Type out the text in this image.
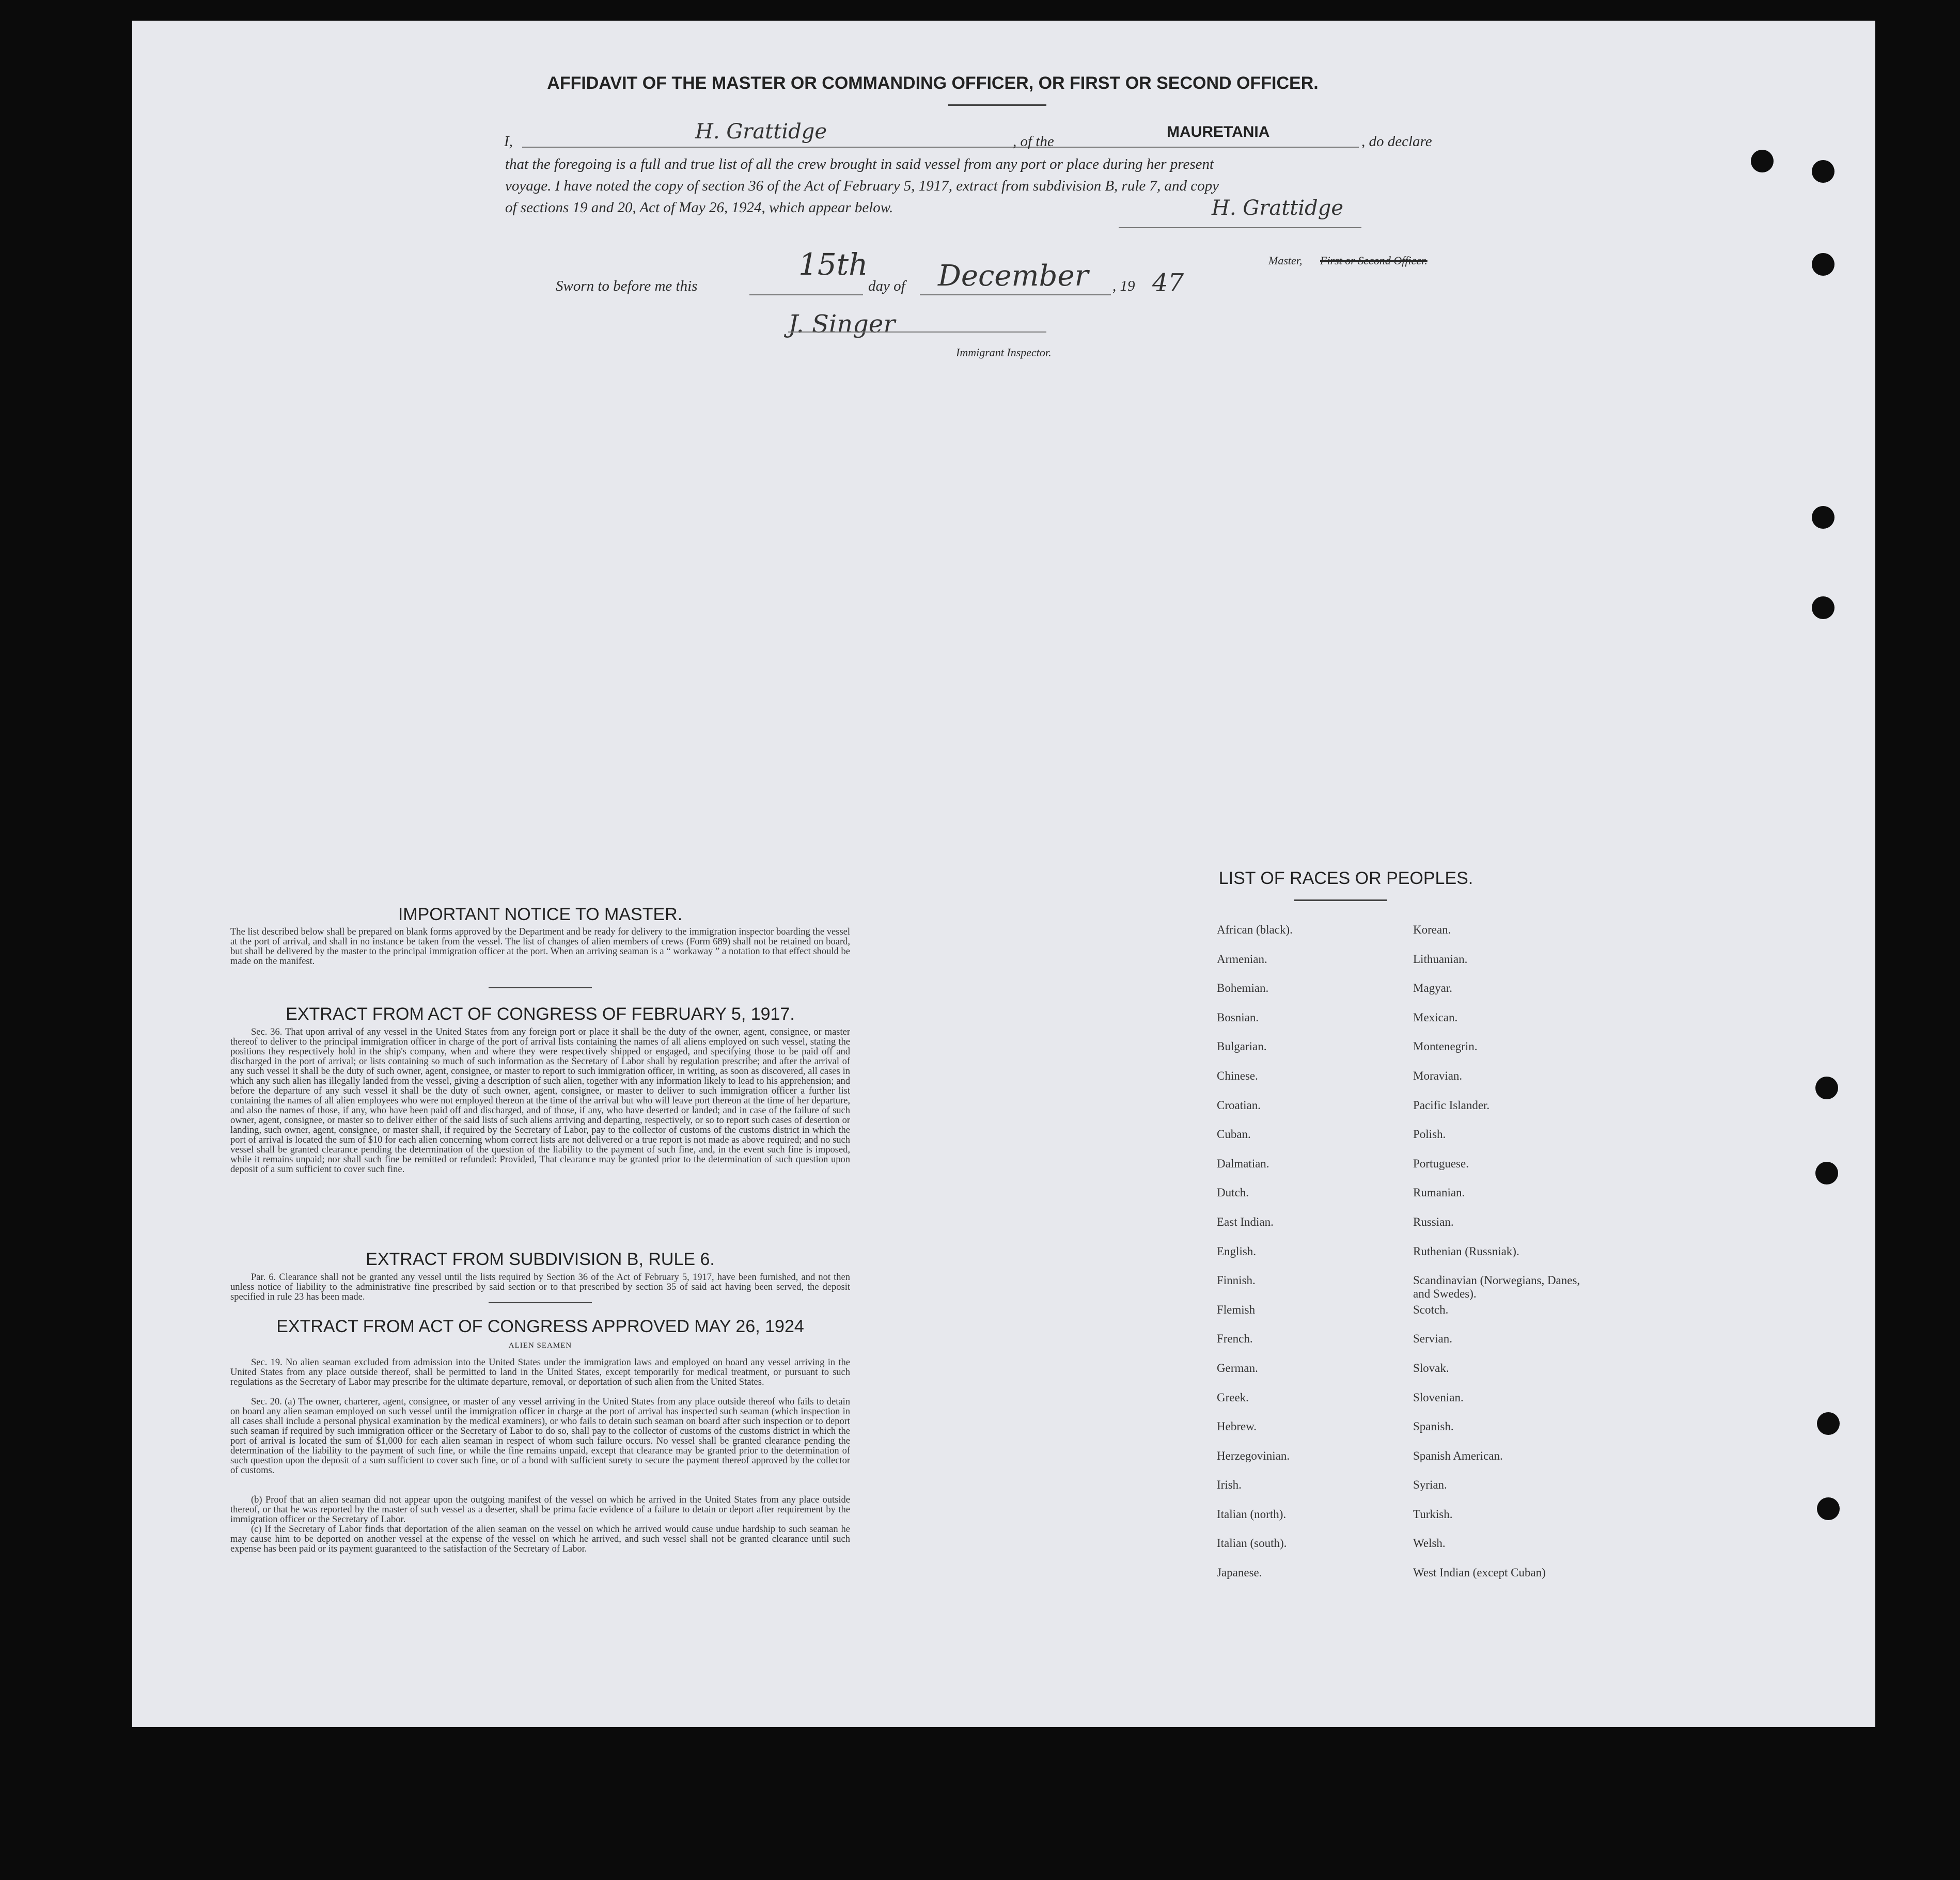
AFFIDAVIT OF THE MASTER OR COMMANDING OFFICER, OR FIRST OR SECOND OFFICER.
I,	H. Grattidge	, of the
MAURETANIA
, do declare
that the foregoing is a full and true list of all the crew brought in said vessel from any port or place during her present
voyage. I have noted the copy of section 36 of the Act of February 5, 1917, extract from subdivision B, rule 7, and copy
of sections 19 and 20, Act of May 26, 1924, which appear below.	H. Grattidge
Master, First or Second Officer.
Sworn to before me this
15th
day of December , 19 47
J. Singer
Immigrant Inspector.
IMPORTANT NOTICE TO MASTER.
The list described below shall be prepared on blank forms approved by the Department and be ready for delivery to the immigration inspector boarding the vessel at the port of arrival, and shall in no instance be taken from the vessel. The list of changes of alien members of crews (Form 689) shall not be retained on board, but shall be delivered by the master to the principal immigration officer at the port. When an arriving seaman is a “ workaway ” a notation to that effect should be made on the manifest.
EXTRACT FROM ACT OF CONGRESS OF FEBRUARY 5, 1917.
Sec. 36. That upon arrival of any vessel in the United States from any foreign port or place it shall be the duty of the owner, agent, consignee, or master thereof to deliver to the principal immigration officer in charge of the port of arrival lists containing the names of all aliens employed on such vessel, stating the positions they respectively hold in the ship's company, when and where they were respectively shipped or engaged, and specifying those to be paid off and discharged in the port of arrival; or lists containing so much of such information as the Secretary of Labor shall by regulation prescribe; and after the arrival of any such vessel it shall be the duty of such owner, agent, consignee, or master to report to such immigration officer, in writing, as soon as discovered, all cases in which any such alien has illegally landed from the vessel, giving a description of such alien, together with any information likely to lead to his apprehension; and before the departure of any such vessel it shall be the duty of such owner, agent, consignee, or master to deliver to such immigration officer a further list containing the names of all alien employees who were not employed thereon at the time of the arrival but who will leave port thereon at the time of her departure, and also the names of those, if any, who have been paid off and discharged, and of those, if any, who have deserted or landed; and in case of the failure of such owner, agent, consignee, or master so to deliver either of the said lists of such aliens arriving and departing, respectively, or so to report such cases of desertion or landing, such owner, agent, consignee, or master shall, if required by the Secretary of Labor, pay to the collector of customs of the customs district in which the port of arrival is located the sum of $10 for each alien concerning whom correct lists are not delivered or a true report is not made as above required; and no such vessel shall be granted clearance pending the determination of the question of the liability to the payment of such fine, and, in the event such fine is imposed, while it remains unpaid; nor shall such fine be remitted or refunded: Provided, That clearance may be granted prior to the determination of such question upon deposit of a sum sufficient to cover such fine.
EXTRACT FROM SUBDIVISION B, RULE 6.
Par. 6. Clearance shall not be granted any vessel until the lists required by Section 36 of the Act of February 5, 1917, have been furnished, and not then unless notice of liability to the administrative fine prescribed by said section or to that prescribed by section 35 of said act having been served, the deposit specified in rule 23 has been made.
EXTRACT FROM ACT OF CONGRESS APPROVED MAY 26, 1924
ALIEN SEAMEN
Sec. 19. No alien seaman excluded from admission into the United States under the immigration laws and employed on board any vessel arriving in the United States from any place outside thereof, shall be permitted to land in the United States, except temporarily for medical treatment, or pursuant to such regulations as the Secretary of Labor may prescribe for the ultimate departure, removal, or deportation of such alien from the United States.
Sec. 20. (a) The owner, charterer, agent, consignee, or master of any vessel arriving in the United States from any place outside thereof who fails to detain on board any alien seaman employed on such vessel until the immigration officer in charge at the port of arrival has inspected such seaman (which inspection in all cases shall include a personal physical examination by the medical examiners), or who fails to detain such seaman on board after such inspection or to deport such seaman if required by such immigration officer or the Secretary of Labor to do so, shall pay to the collector of customs of the customs district in which the port of arrival is located the sum of $1,000 for each alien seaman in respect of whom such failure occurs. No vessel shall be granted clearance pending the determination of the liability to the payment of such fine, or while the fine remains unpaid, except that clearance may be granted prior to the determination of such question upon the deposit of a sum sufficient to cover such fine, or of a bond with sufficient surety to secure the payment thereof approved by the collector of customs.
(b) Proof that an alien seaman did not appear upon the outgoing manifest of the vessel on which he arrived in the United States from any place outside thereof, or that he was reported by the master of such vessel as a deserter, shall be prima facie evidence of a failure to detain or deport after requirement by the immigration officer or the Secretary of Labor.
(c) If the Secretary of Labor finds that deportation of the alien seaman on the vessel on which he arrived would cause undue hardship to such seaman he may cause him to be deported on another vessel at the expense of the vessel on which he arrived, and such vessel shall not be granted clearance until such expense has been paid or its payment guaranteed to the satisfaction of the Secretary of Labor.
LIST OF RACES OR PEOPLES.
African (black).	Korean.
Armenian.	Lithuanian.
Bohemian.	Magyar.
Bosnian.	Mexican.
Bulgarian.	Montenegrin.
Chinese.	Moravian.
Croatian.	Pacific Islander.
Cuban.	Polish.
Dalmatian.	Portuguese.
Dutch.	Rumanian.
East Indian.	Russian.
English.	Ruthenian (Russniak).
Finnish.	Scandinavian (Norwegians, Danes, and Swedes).
Flemish	Scotch.
French.	Servian.
German.	Slovak.
Greek.	Slovenian.
Hebrew.	Spanish.
Herzegovinian.	Spanish American.
Irish.	Syrian.
Italian (north).	Turkish.
Italian (south).	Welsh.
Japanese.	West Indian (except Cuban)
